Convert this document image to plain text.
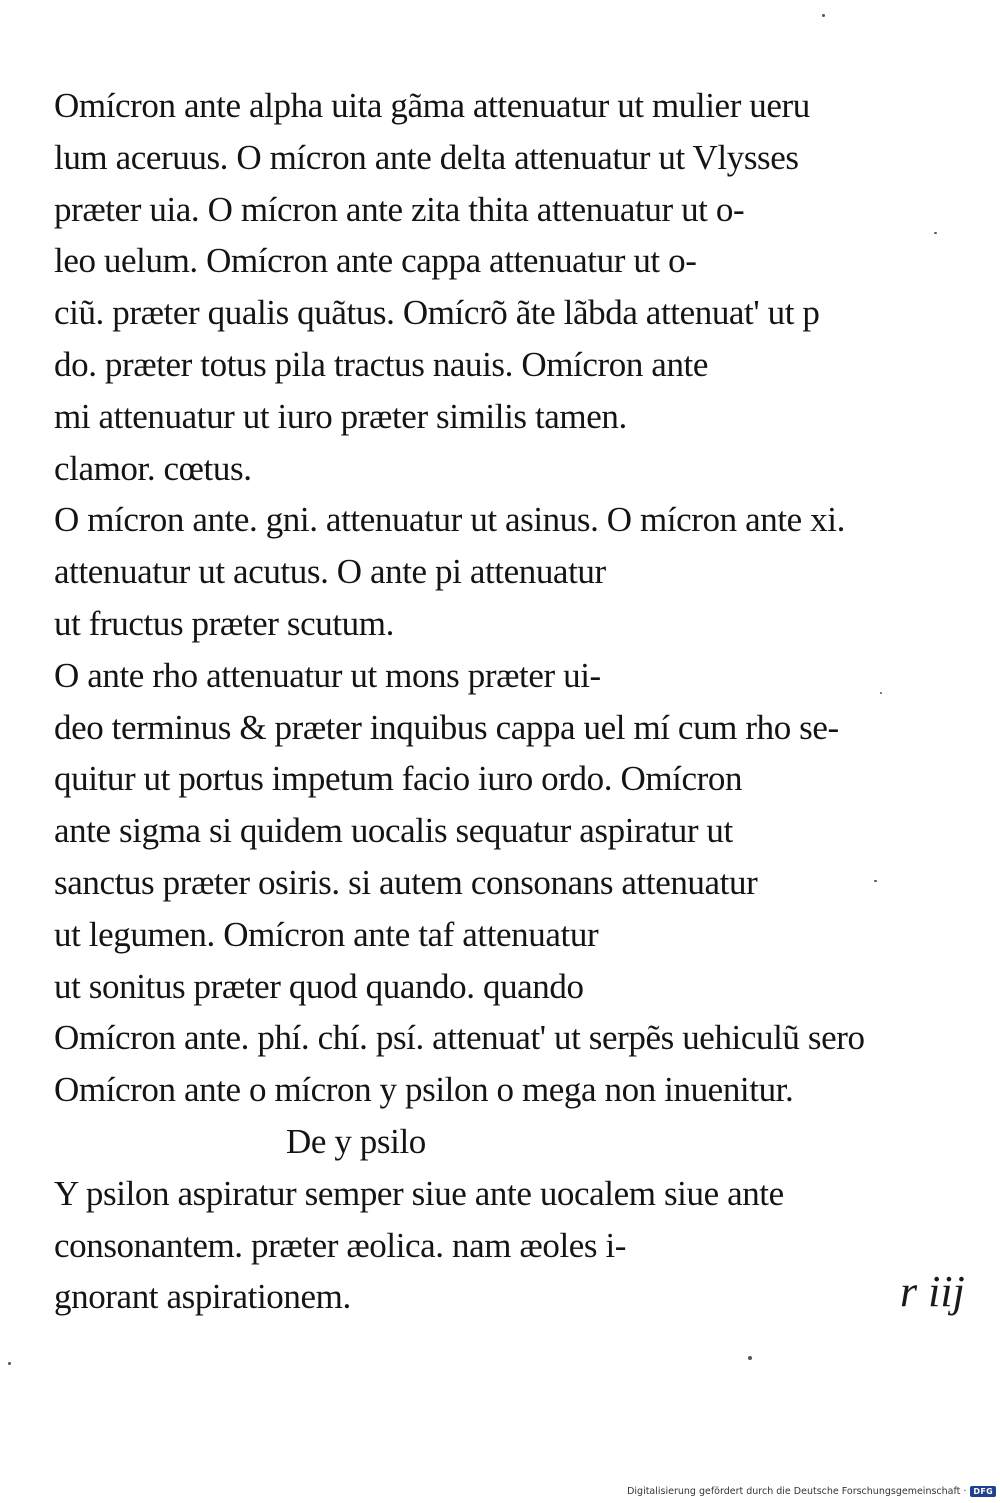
Omícron ante alpha uita gãma attenuatur ut mulier ueru
lum aceruus. O mícron ante delta attenuatur ut Vlysses
præter uia. O mícron ante zita thita attenuatur ut o-
leo uelum. Omícron ante cappa attenuatur ut o-
ciũ. præter qualis quãtus. Omícrõ ãte lãbda attenuat' ut p
do. præter totus pila tractus nauis. Omícron ante
mi attenuatur ut iuro præter similis tamen.
clamor. cœtus.
O mícron ante. gni. attenuatur ut asinus. O mícron ante xi.
attenuatur ut acutus. O ante pi attenuatur
ut fructus præter scutum.
O ante rho attenuatur ut mons præter ui-
deo terminus & præter inquibus cappa uel mí cum rho se-
quitur ut portus impetum facio iuro ordo. Omícron
ante sigma si quidem uocalis sequatur aspiratur ut
sanctus præter osiris. si autem consonans attenuatur
ut legumen. Omícron ante taf attenuatur
ut sonitus præter quod quando. quando
Omícron ante. phí. chí. psí. attenuat' ut serpẽs uehiculũ sero
Omícron ante o mícron y psilon o mega non inuenitur.
De y psilo
Y psilon aspiratur semper siue ante uocalem siue ante
consonantem. præter æolica. nam æoles i-
gnorant aspirationem.	r iij
Digitalisierung gefördert durch die Deutsche Forschungsgemeinschaft · DFG
